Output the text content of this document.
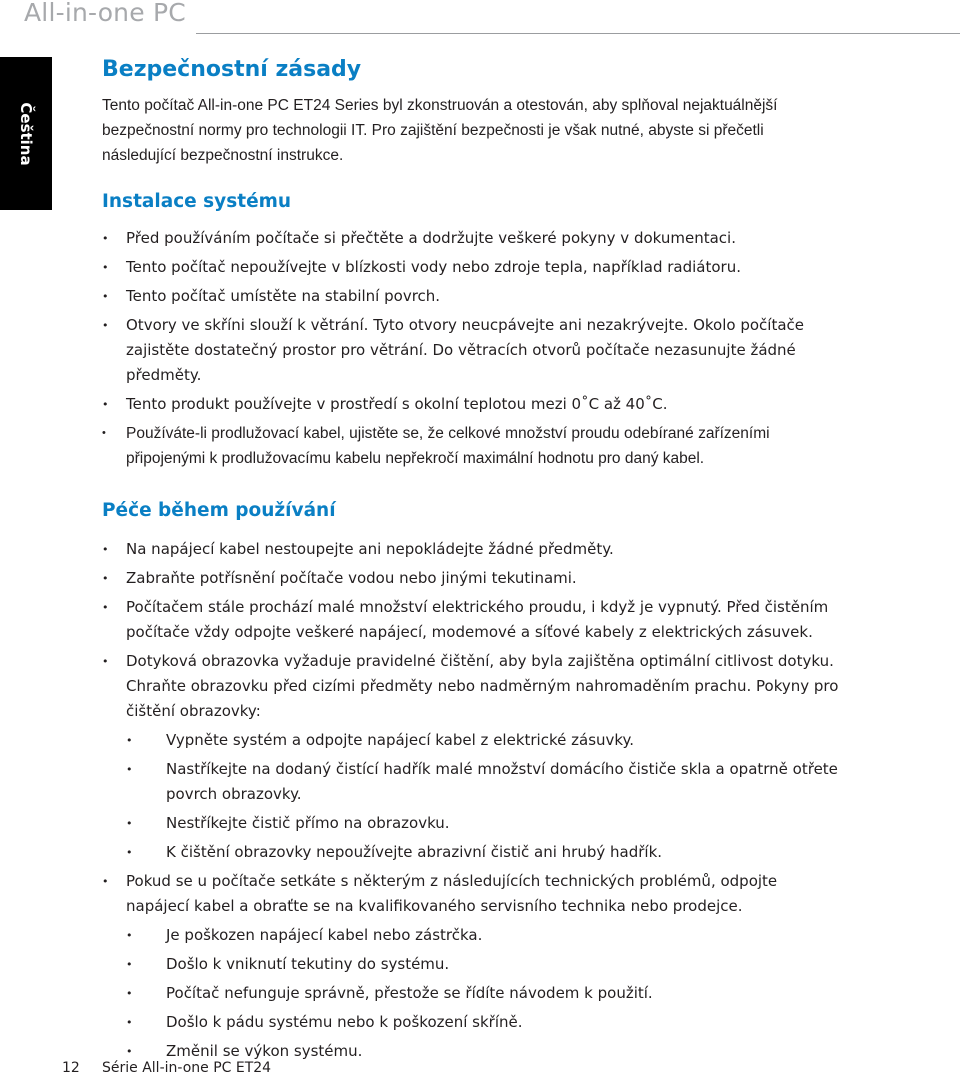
All-in-one PC
Čeština
Bezpečnostní zásady

Tento počítač All-in-one PC ET24 Series byl zkonstruován a otestován, aby splňoval nejaktuálnější bezpečnostní normy pro technologii IT. Pro zajištění bezpečnosti je však nutné, abyste si přečetli následující bezpečnostní instrukce.

Instalace systému
• Před používáním počítače si přečtěte a dodržujte veškeré pokyny v dokumentaci.
• Tento počítač nepoužívejte v blízkosti vody nebo zdroje tepla, například radiátoru.
• Tento počítač umístěte na stabilní povrch.
• Otvory ve skříni slouží k větrání. Tyto otvory neucpávejte ani nezakrývejte. Okolo počítače zajistěte dostatečný prostor pro větrání. Do větracích otvorů počítače nezasunujte žádné předměty.
• Tento produkt používejte v prostředí s okolní teplotou mezi 0˚C až 40˚C.
• Používáte-li prodlužovací kabel, ujistěte se, že celkové množství proudu odebírané zařízeními připojenými k prodlužovacímu kabelu nepřekročí maximální hodnotu pro daný kabel.
Péče během používání
• Na napájecí kabel nestoupejte ani nepokládejte žádné předměty.
• Zabraňte potřísnění počítače vodou nebo jinými tekutinami.
• Počítačem stále prochází malé množství elektrického proudu, i když je vypnutý. Před čistěním počítače vždy odpojte veškeré napájecí, modemové a síťové kabely z elektrických zásuvek.
• Dotyková obrazovka vyžaduje pravidelné čištění, aby byla zajištěna optimální citlivost dotyku. Chraňte obrazovku před cizími předměty nebo nadměrným nahromaděním prachu. Pokyny pro čištění obrazovky:
• Vypněte systém a odpojte napájecí kabel z elektrické zásuvky.
• Nastříkejte na dodaný čistící hadřík malé množství domácího čističe skla a opatrně otřete povrch obrazovky.
• Nestříkejte čistič přímo na obrazovku.
• K čištění obrazovky nepoužívejte abrazivní čistič ani hrubý hadřík.
• Pokud se u počítače setkáte s některým z následujících technických problémů, odpojte napájecí kabel a obraťte se na kvalifikovaného servisního technika nebo prodejce.
• Je poškozen napájecí kabel nebo zástrčka.
• Došlo k vniknutí tekutiny do systému.
• Počítač nefunguje správně, přestože se řídíte návodem k použití.
• Došlo k pádu systému nebo k poškození skříně.
• Změnil se výkon systému.
12 Série All-in-one PC ET24
